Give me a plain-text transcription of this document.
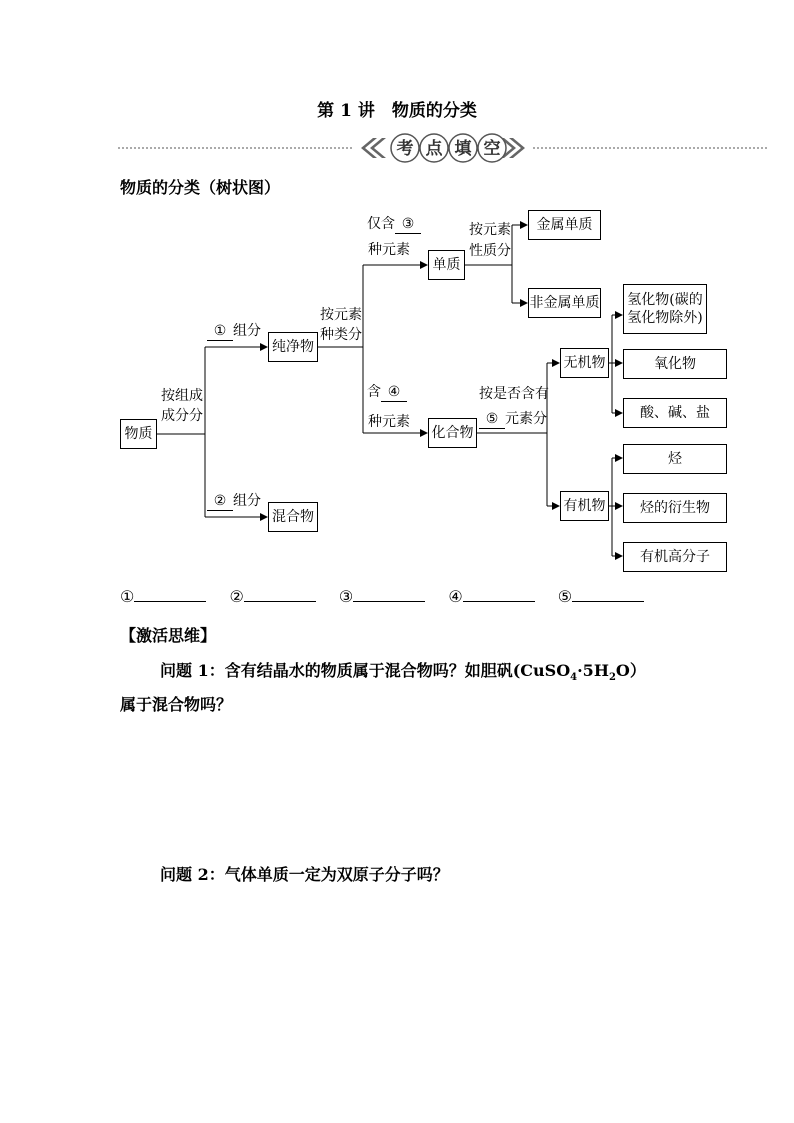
第 1 讲　物质的分类
考 点 填 空
物质的分类（树状图）
物质
纯净物
混合物
单质
化合物
金属单质
非金属单质
无机物
有机物
氢化物(碳的
氢化物除外)
氧化物
酸、碱、盐
烃
烃的衍生物
有机高分子
按组成
成分分
① 组分
② 组分
按元素
种类分
仅含 ③
种元素
含 ④
种元素
按元素
性质分
按是否含有
⑤ 元素分
①	②	③	④	⑤
【激活思维】
问题 1：含有结晶水的物质属于混合物吗？如胆矾$(CuSO_4\cdot 5H_2O)$
属于混合物吗？
问题 2：气体单质一定为双原子分子吗？
